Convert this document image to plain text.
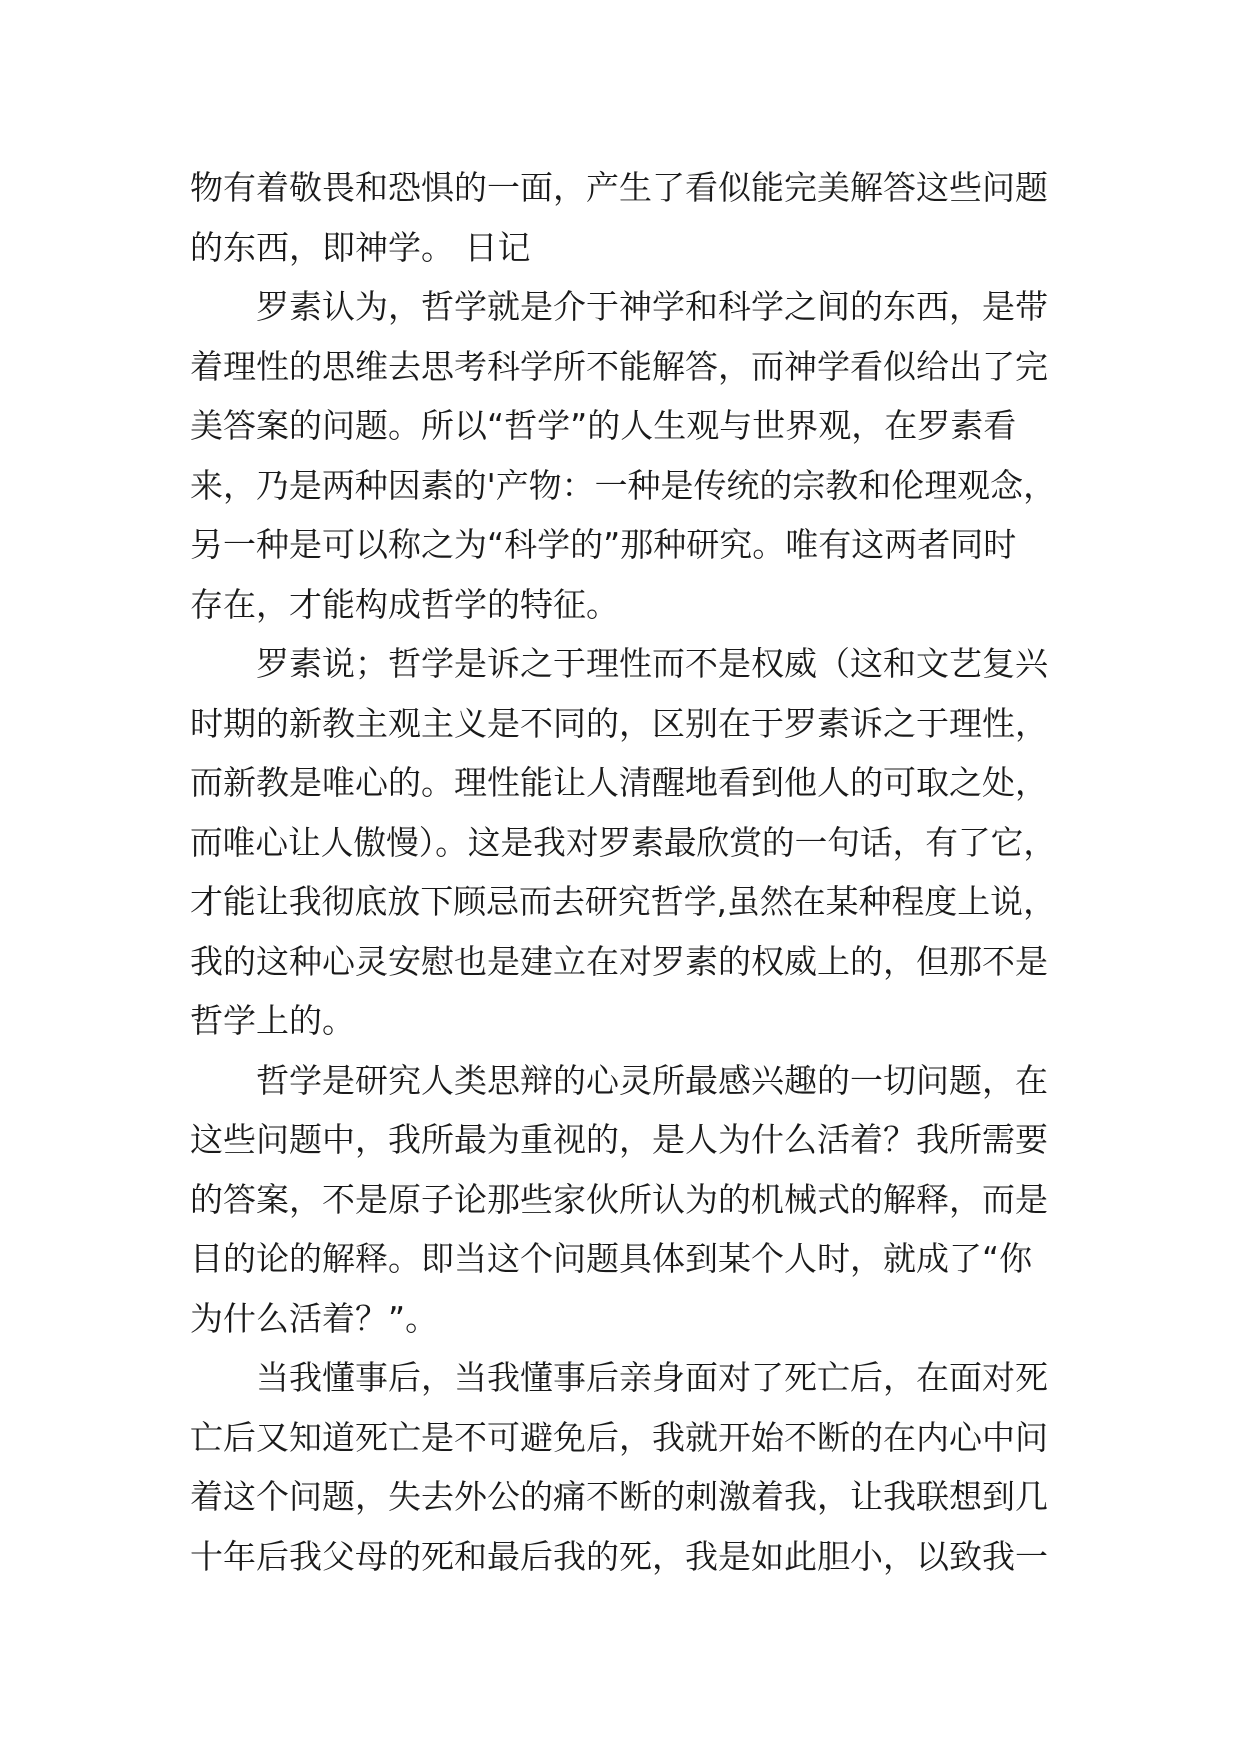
物有着敬畏和恐惧的一面，产生了看似能完美解答这些问题
的东西，即神学。 日记
罗素认为，哲学就是介于神学和科学之间的东西，是带
着理性的思维去思考科学所不能解答，而神学看似给出了完
美答案的问题。所以“哲学”的人生观与世界观，在罗素看
来，乃是两种因素的'产物：一种是传统的宗教和伦理观念，
另一种是可以称之为“科学的”那种研究。唯有这两者同时
存在，才能构成哲学的特征。
罗素说；哲学是诉之于理性而不是权威（这和文艺复兴
时期的新教主观主义是不同的，区别在于罗素诉之于理性，
而新教是唯心的。理性能让人清醒地看到他人的可取之处，
而唯心让人傲慢）。这是我对罗素最欣赏的一句话，有了它，
才能让我彻底放下顾忌而去研究哲学,虽然在某种程度上说，
我的这种心灵安慰也是建立在对罗素的权威上的，但那不是
哲学上的。
哲学是研究人类思辩的心灵所最感兴趣的一切问题，在
这些问题中，我所最为重视的，是人为什么活着？我所需要
的答案，不是原子论那些家伙所认为的机械式的解释，而是
目的论的解释。即当这个问题具体到某个人时，就成了“你
为什么活着？”。
当我懂事后，当我懂事后亲身面对了死亡后，在面对死
亡后又知道死亡是不可避免后，我就开始不断的在内心中问
着这个问题，失去外公的痛不断的刺激着我，让我联想到几
十年后我父母的死和最后我的死，我是如此胆小，以致我一
